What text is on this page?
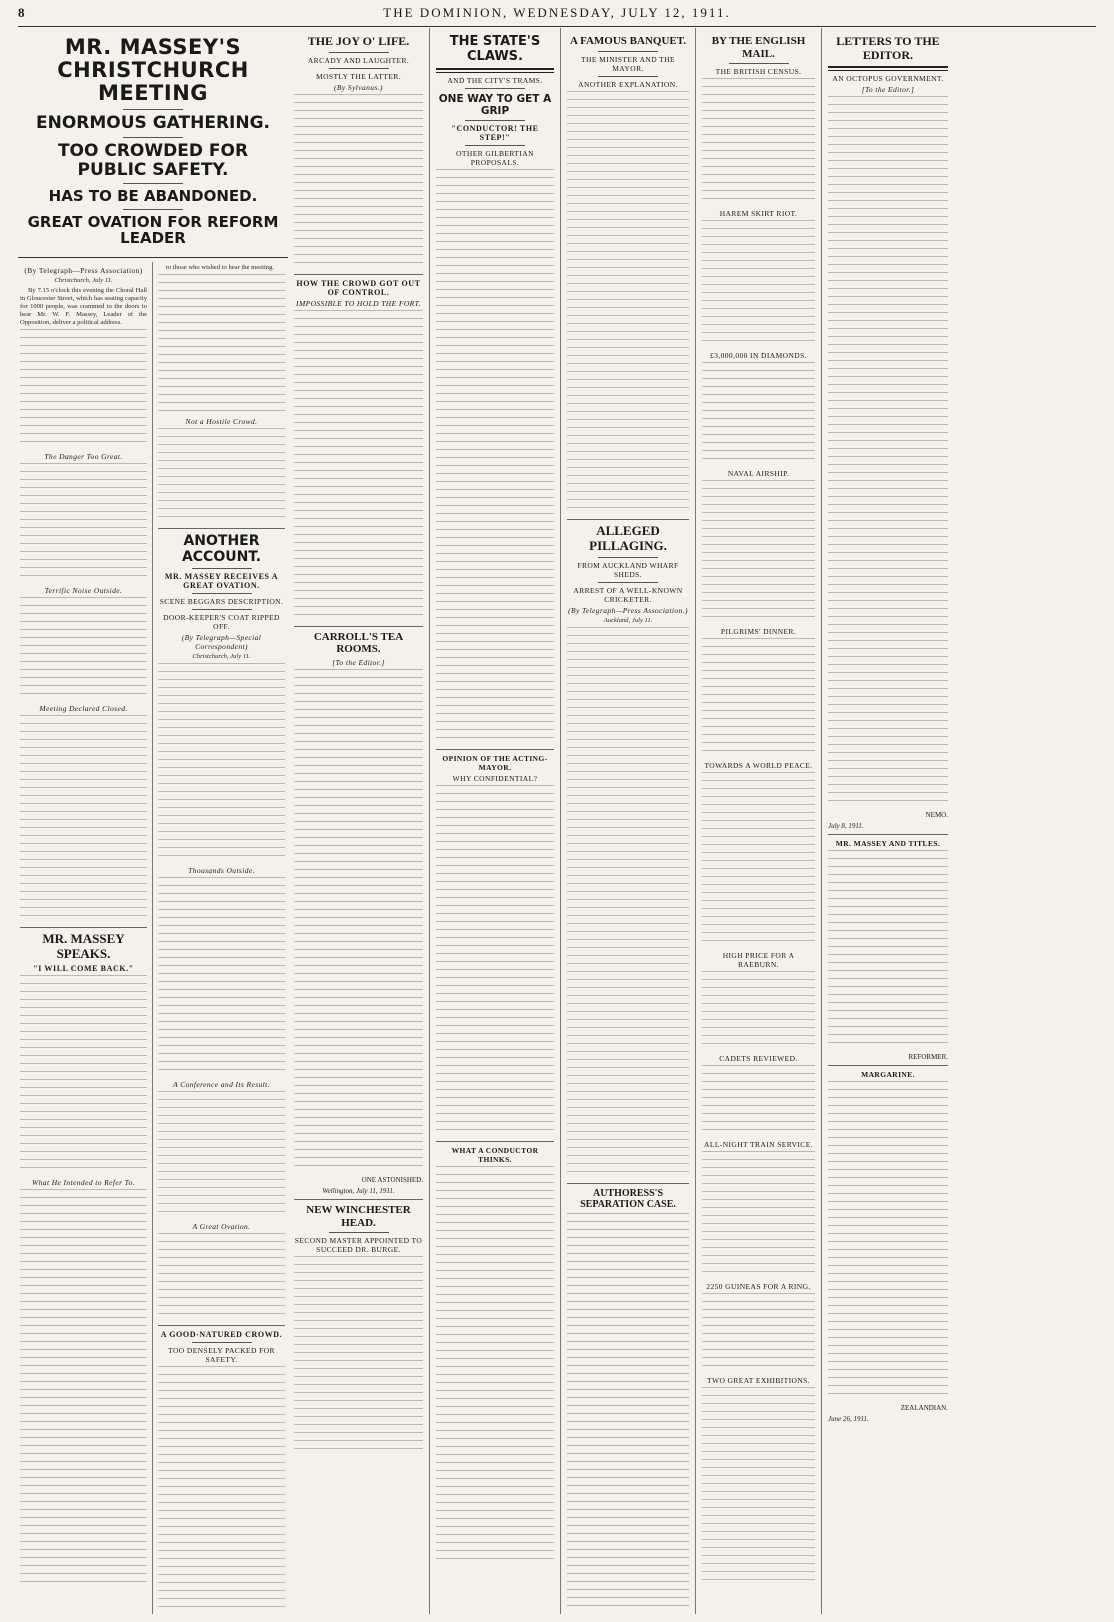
8	THE DOMINION, WEDNESDAY, JULY 12, 1911.
MR. MASSEY'S CHRISTCHURCH MEETING
ENORMOUS GATHERING.
TOO CROWDED FOR PUBLIC SAFETY.
HAS TO BE ABANDONED.
GREAT OVATION FOR REFORM LEADER
(By Telegraph—Press Association)

Christchurch, July 11.

By 7.15 o'clock this evening the Choral Hall in Gloucester Street, which has seating capacity for 1000 people, was crammed to the doors to hear Mr. W. F. Massey, Leader of the Opposition, deliver a political address.

The Danger Too Great.
Terrific Noise Outside.
Meeting Declared Closed.
MR. MASSEY SPEAKS.
"I WILL COME BACK."
What He Intended to Refer To.

to those who wished to hear the meeting.

Not a Hostile Crowd.
ANOTHER ACCOUNT.
MR. MASSEY RECEIVES A GREAT OVATION.
SCENE BEGGARS DESCRIPTION.
DOOR-KEEPER'S COAT RIPPED OFF.
(By Telegraph—Special Correspondent)

Christchurch, July 11.

Thousands Outside.
A Conference and Its Result.
A Great Ovation.
A GOOD-NATURED CROWD.
TOO DENSELY PACKED FOR SAFETY.
THE JOY O' LIFE.
ARCADY AND LAUGHTER.
MOSTLY THE LATTER.
(By Sylvanus.)
HOW THE CROWD GOT OUT OF CONTROL.
IMPOSSIBLE TO HOLD THE FORT.
CARROLL'S TEA ROOMS.
[To the Editor.]
ONE ASTONISHED.
Wellington, July 11, 1911.
NEW WINCHESTER HEAD.
SECOND MASTER APPOINTED TO SUCCEED DR. BURGE.
THE STATE'S CLAWS.
AND THE CITY'S TRAMS.
ONE WAY TO GET A GRIP
"CONDUCTOR! THE STEP!"
OTHER GILBERTIAN PROPOSALS.
OPINION OF THE ACTING-MAYOR.
WHY CONFIDENTIAL?
WHAT A CONDUCTOR THINKS.
A FAMOUS BANQUET.
THE MINISTER AND THE MAYOR.
ANOTHER EXPLANATION.
ALLEGED PILLAGING.
FROM AUCKLAND WHARF SHEDS.
ARREST OF A WELL-KNOWN CRICKETER.
(By Telegraph—Press Association.)

Auckland, July 11.

AUTHORESS'S SEPARATION CASE.
BY THE ENGLISH MAIL.
THE BRITISH CENSUS.
HAREM SKIRT RIOT.
£3,000,000 IN DIAMONDS.
NAVAL AIRSHIP.
PILGRIMS' DINNER.
TOWARDS A WORLD PEACE.
HIGH PRICE FOR A RAEBURN.
CADETS REVIEWED.
ALL-NIGHT TRAIN SERVICE.
2250 GUINEAS FOR A RING.
TWO GREAT EXHIBITIONS.
LETTERS TO THE EDITOR.
AN OCTOPUS GOVERNMENT.
[To the Editor.]
NEMO.
July 8, 1911.
MR. MASSEY AND TITLES.
REFORMER.
MARGARINE.
ZEALANDIAN.
June 26, 1911.
